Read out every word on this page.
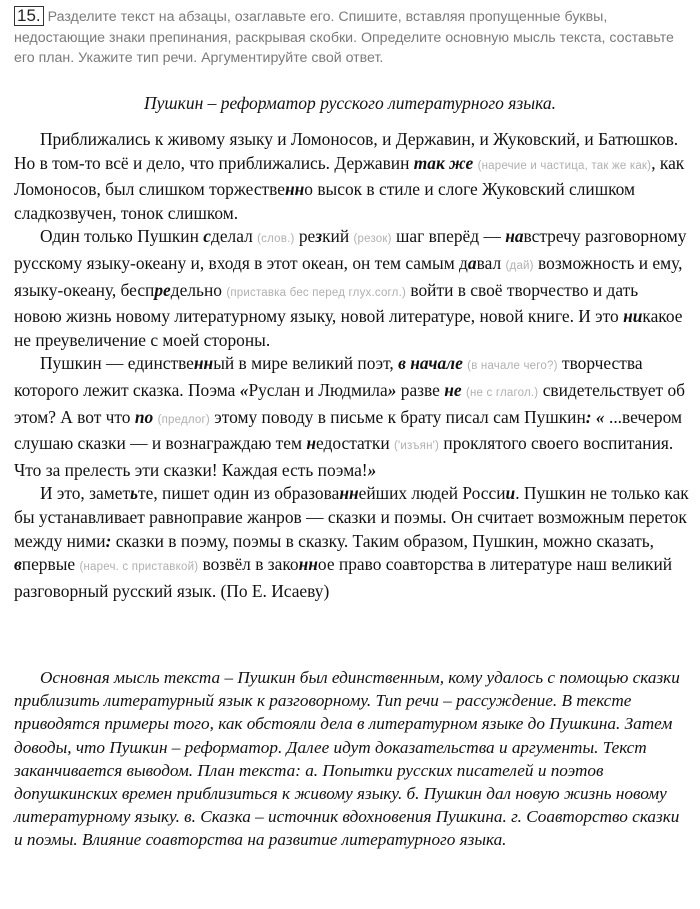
15. Разделите текст на абзацы, озаглавьте его. Спишите, вставляя пропущенные буквы, недостающие знаки препинания, раскрывая скобки. Определите основную мысль текста, составьте его план. Укажите тип речи. Аргументируйте свой ответ.
Пушкин – реформатор русского литературного языка.

Приближались к живому языку и Ломоносов, и Державин, и Жуковский, и Батюшков. Но в том-то всё и дело, что приближались. Державин так же (наречие и частица, так же как), как Ломоносов, был слишком торжественно высок в стиле и слоге Жуковский слишком сладкозвучен, тонок слишком.

Один только Пушкин сделал (слов.) резкий (резок) шаг вперёд — навстречу разговорному русскому языку-океану и, входя в этот океан, он тем самым давал (дай) возможность и ему, языку-океану, беспредельно (приставка бес перед глух.согл.) войти в своё творчество и дать новою жизнь новому литературному языку, новой литературе, новой книге. И это никакое не преувеличение с моей стороны.

Пушкин — единственный в мире великий поэт, в начале (в начале чего?) творчества которого лежит сказка. Поэма «Руслан и Людмила» разве не (не с глагол.) свидетельствует об этом? А вот что по (предлог) этому поводу в письме к брату писал сам Пушкин: « ...вечером слушаю сказки — и вознаграждаю тем недостатки ('изъян') проклятого своего воспитания. Что за прелесть эти сказки! Каждая есть поэма!»

И это, заметьте, пишет один из образованнейших людей России. Пушкин не только как бы устанавливает равноправие жанров — сказки и поэмы. Он считает возможным переток между ними: сказки в поэму, поэмы в сказку. Таким образом, Пушкин, можно сказать, впервые (нареч. с приставкой) возвёл в законное право соавторства в литературе наш великий разговорный русский язык. (По Е. Исаеву)

Основная мысль текста – Пушкин был единственным, кому удалось с помощью сказки приблизить литературный язык к разговорному. Тип речи – рассуждение. В тексте приводятся примеры того, как обстояли дела в литературном языке до Пушкина. Затем доводы, что Пушкин – реформатор. Далее идут доказательства и аргументы. Текст заканчивается выводом. План текста: а. Попытки русских писателей и поэтов допушкинских времен приблизиться к живому языку. б. Пушкин дал новую жизнь новому литературному языку. в. Сказка – источник вдохновения Пушкина. г. Соавторство сказки и поэмы. Влияние соавторства на развитие литературного языка.
